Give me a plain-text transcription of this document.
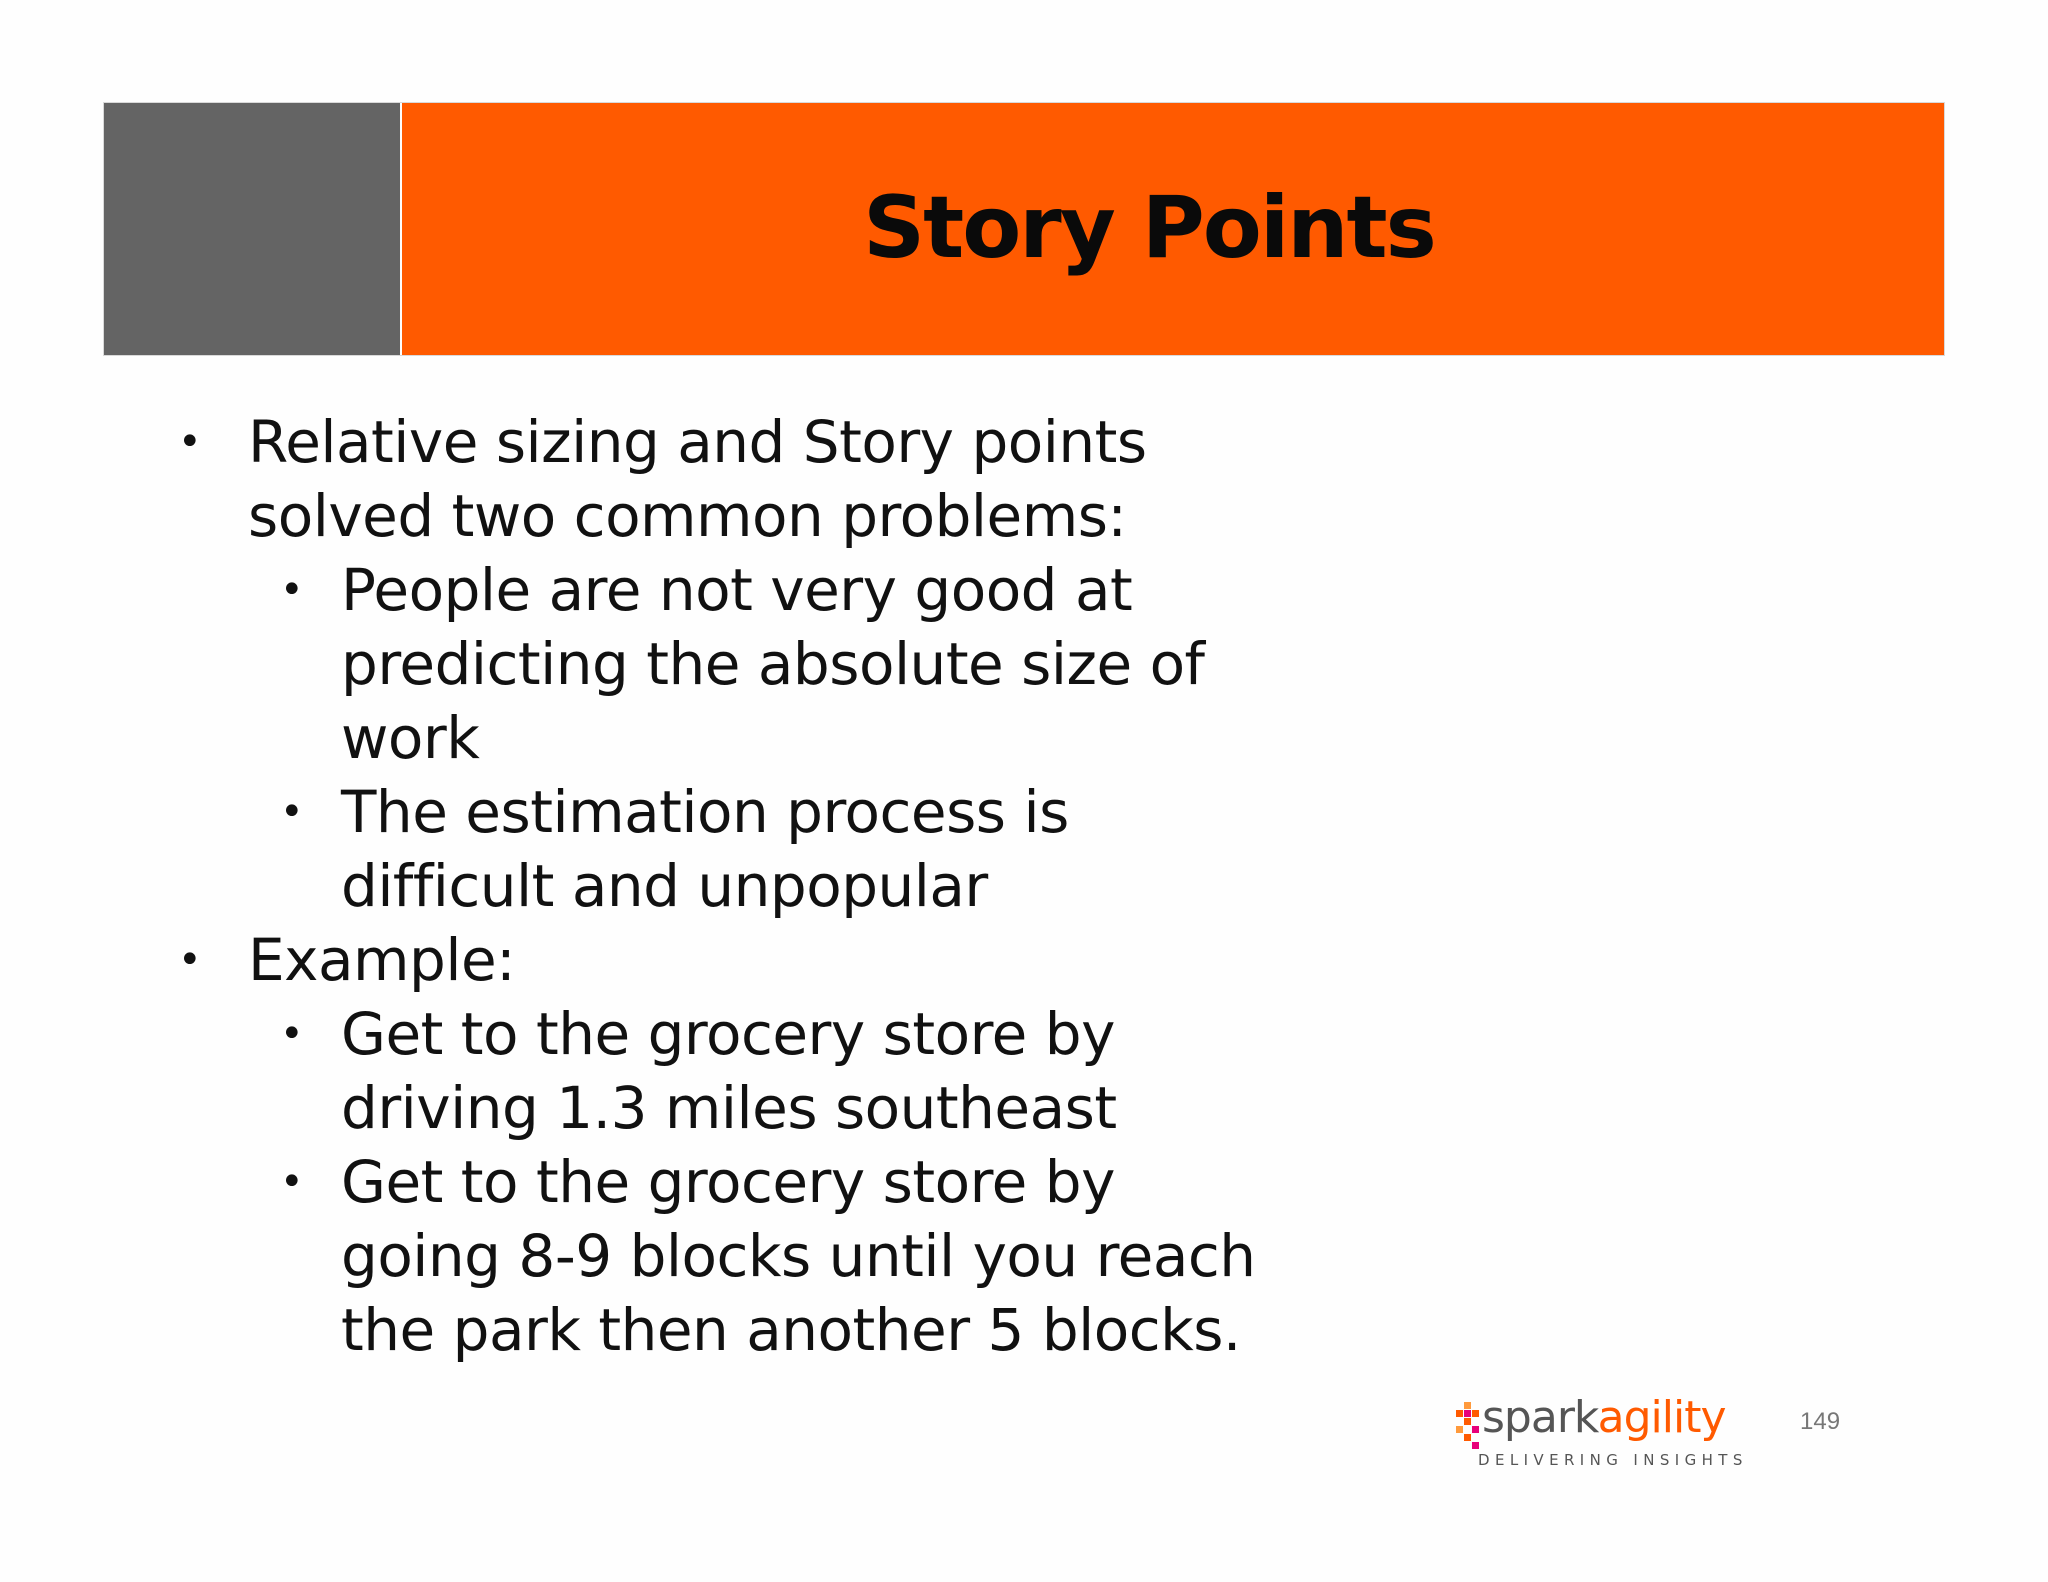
Story Points
• Relative sizing and Story points solved two common problems:
• People are not very good at predicting the absolute size of work
• The estimation process is difficult and unpopular
• Example:
• Get to the grocery store by driving 1.3 miles southeast
• Get to the grocery store by going 8-9 blocks until you reach the park then another 5 blocks.
sparkagility
DELIVERING INSIGHTS
149
